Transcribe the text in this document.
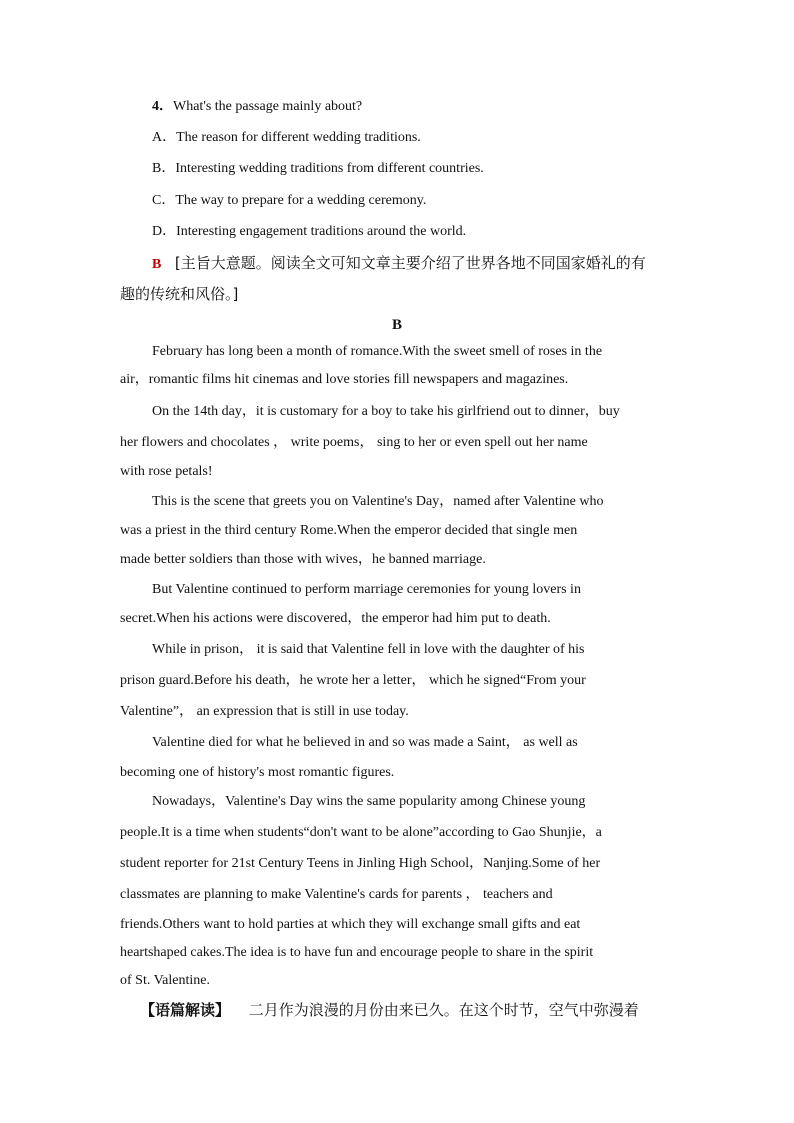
4．What's the passage mainly about?
A．The reason for different wedding traditions.
B．Interesting wedding traditions from different countries.
C．The way to prepare for a wedding ceremony.
D．Interesting engagement traditions around the world.
B [主旨大意题。阅读全文可知文章主要介绍了世界各地不同国家婚礼的有
趣的传统和风俗。]
B
February has long been a month of romance.With the sweet smell of roses in the
air，romantic films hit cinemas and love stories fill newspapers and magazines.
On the 14th day，it is customary for a boy to take his girlfriend out to dinner，buy
her flowers and chocolates ， write poems， sing to her or even spell out her name
with rose petals!
This is the scene that greets you on Valentine's Day，named after Valentine who
was a priest in the third century Rome.When the emperor decided that single men
made better soldiers than those with wives，he banned marriage.
But Valentine continued to perform marriage ceremonies for young lovers in
secret.When his actions were discovered，the emperor had him put to death.
While in prison， it is said that Valentine fell in love with the daughter of his
prison guard.Before his death，he wrote her a letter， which he signed“From your
Valentine”， an expression that is still in use today.
Valentine died for what he believed in and so was made a Saint， as well as
becoming one of history's most romantic figures.
Nowadays，Valentine's Day wins the same popularity among Chinese young
people.It is a time when students“don't want to be alone”according to Gao Shunjie，a
student reporter for 21st Century Teens in Jinling High School，Nanjing.Some of her
classmates are planning to make Valentine's cards for parents ， teachers and
friends.Others want to hold parties at which they will exchange small gifts and eat
heartshaped cakes.The idea is to have fun and encourage people to share in the spirit
of St. Valentine.
【语篇解读】 二月作为浪漫的月份由来已久。在这个时节，空气中弥漫着
